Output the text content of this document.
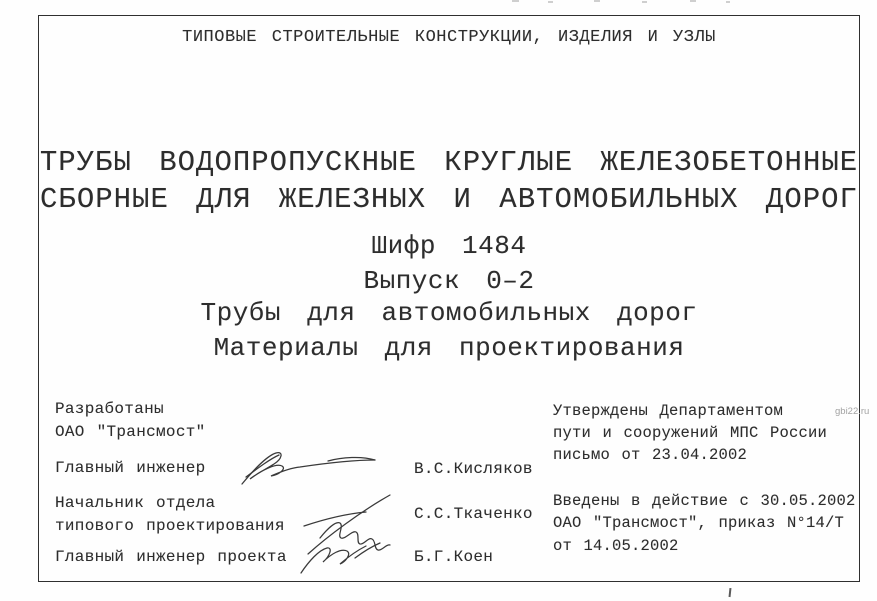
ТИПОВЫЕ СТРОИТЕЛЬНЫЕ КОНСТРУКЦИИ, ИЗДЕЛИЯ И УЗЛЫ
ТРУБЫ ВОДОПРОПУСКНЫЕ КРУГЛЫЕ ЖЕЛЕЗОБЕТОННЫЕ
СБОРНЫЕ ДЛЯ ЖЕЛЕЗНЫХ И АВТОМОБИЛЬНЫХ ДОРОГ
Шифр 1484
Выпуск 0–2
Трубы для автомобильных дорог
Материалы для проектирования
Разработаны
ОАО "Трансмост"
Главный инженер
Начальник отдела
типового проектирования
Главный инженер проекта
В.С.Кисляков
С.С.Ткаченко
Б.Г.Коен
Утверждены Департаментом
пути и сооружений МПС России
письмо от 23.04.2002
Введены в действие с 30.05.2002
ОАО "Трансмост", приказ N°14/Т
от 14.05.2002
gbi22.ru
